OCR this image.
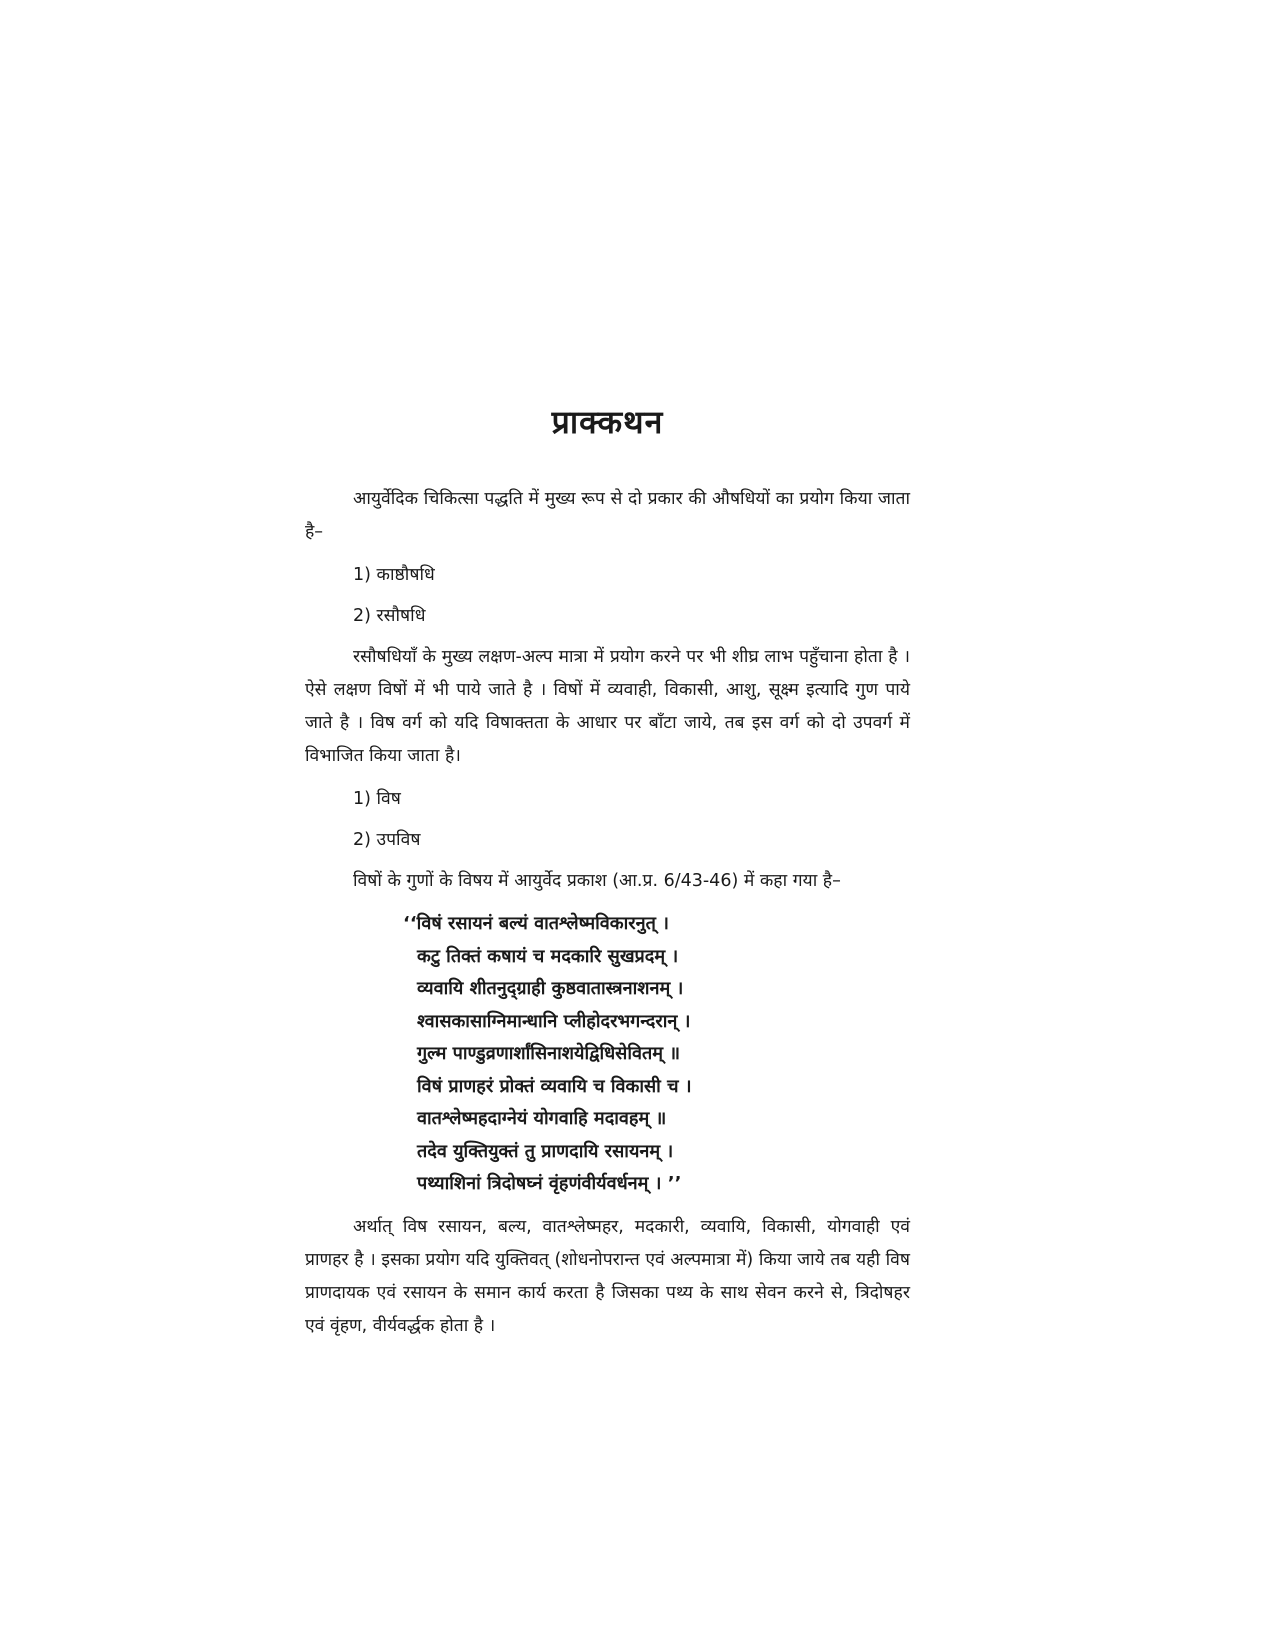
प्राक्कथन

आयुर्वेदिक चिकित्सा पद्धति में मुख्य रूप से दो प्रकार की औषधियों का प्रयोग किया जाता है–

1) काष्ठौषधि

2) रसौषधि

रसौषधियाँ के मुख्य लक्षण-अल्प मात्रा में प्रयोग करने पर भी शीघ्र लाभ पहुँचाना होता है । ऐसे लक्षण विषों में भी पाये जाते है । विषों में व्यवाही, विकासी, आशु, सूक्ष्म इत्यादि गुण पाये जाते है । विष वर्ग को यदि विषाक्तता के आधार पर बाँटा जाये, तब इस वर्ग को दो उपवर्ग में विभाजित किया जाता है।

1) विष

2) उपविष

विषों के गुणों के विषय में आयुर्वेद प्रकाश (आ.प्र. 6/43-46) में कहा गया है–

‘‘विषं रसायनं बल्यं वातश्लेष्मविकारनुत् ।
कटु तिक्तं कषायं च मदकारि सुखप्रदम् ।
व्यवायि शीतनुद्ग्राही कुष्ठवातास्त्रनाशनम् ।
श्वासकासाग्निमान्धानि प्लीहोदरभगन्दरान् ।
गुल्म पाण्डुव्रणार्शांसिनाशयेद्विधिसेवितम् ॥
विषं प्राणहरं प्रोक्तं व्यवायि च विकासी च ।
वातश्लेष्महदाग्नेयं योगवाहि मदावहम् ॥
तदेव युक्तियुक्तं तु प्राणदायि रसायनम् ।
पथ्याशिनां त्रिदोषघ्नं वृंहणंवीर्यवर्धनम् । ’’

अर्थात् विष रसायन, बल्य, वातश्लेष्महर, मदकारी, व्यवायि, विकासी, योगवाही एवं प्राणहर है । इसका प्रयोग यदि युक्तिवत् (शोधनोपरान्त एवं अल्पमात्रा में) किया जाये तब यही विष प्राणदायक एवं रसायन के समान कार्य करता है जिसका पथ्य के साथ सेवन करने से, त्रिदोषहर एवं वृंहण, वीर्यवर्द्धक होता है ।
